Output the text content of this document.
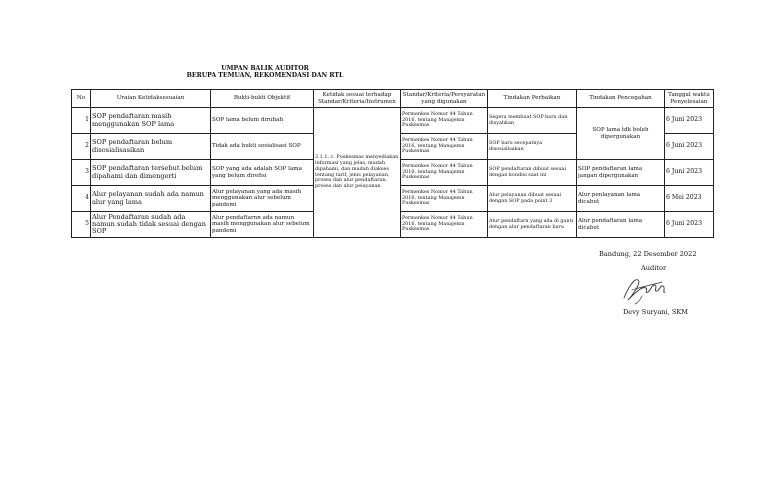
UMPAN BALIK AUDITOR
BERUPA TEMUAN, REKOMENDASI DAN RTL
No	Uraian Ketidaksesuaian	Bukti-bukti Objektif	Ketidak sesuai terhadap Standar/Kriteria/Instrumen	Standar/Kriteria/Persyaratan yang digunakan	Tindakan Perbaikan	Tindakan Pencegahan	Tanggal waktu Penyelesaian
1	SOP pendaftaran masih menggunakan SOP lama	SOP lama belum diruhah	3.1.1. c. Puskesmas menyediakan informasi yang jelas, mudah dipahami, dan mudah diakses tentang tarif, jenis pelayanan, proses dan alur pendaftaran, proses dan alur pelayanan	Permenkes Nomor 44 Tahun 2016, tentang Manajemn Puskesmas	Segera membuat SOP baru dan disyahkan	SOP lama tdk boleh dipergunakan	6 Juni 2023
2	SOP pendaftaran belum disosialisasikan	Tidak ada bukti sosialisasi SOP		Permenkes Nomor 44 Tahun 2016, tentang Manajemn Puskesmas	SOP baru secepatnya disosialisakan		6 Juni 2023
3	SOP pendaftaran tersebut belum dipahami dan dimengerti	SOP yang ada adalah SOP lama yang belum direfisi		Permenkes Nomor 44 Tahun 2016, tentang Manajemn Puskesmas	SOP pendaftaran dibuat sesuai dengan kondisi saat ini	SOP pendaftaran lama jangan dipergunakan	6 Juni 2023
4	Alur pelayanan sudah ada namun alur yang lama	Alur pelayanan yang ada masih menggunakan alur sebelum pandemi		Permenkes Nomor 44 Tahun 2016, tentang Manajemn Puskesmas	Alur pelayanan dibuat sesuai dengan SOP pada point 3	Alur penlayanan lama dicabut	6 Mei 2023
5	Alur Pendaftaran sudah ada namun sudah tidak sesuai dengan SOP	Alur pendaftarnn ada namun masih menggunakan alur sebelum pandemi		Permenkes Nomor 44 Tahun 2016, tentang Manajemn Puskesmas	Alur pendaftarn yang ada di ganti dengan alur pendaftaran baru	Alur pendaftaran lama dicabut	6 Juni 2023
Bandung, 22 Desember 2022
Auditor
Devy Suryani, SKM
